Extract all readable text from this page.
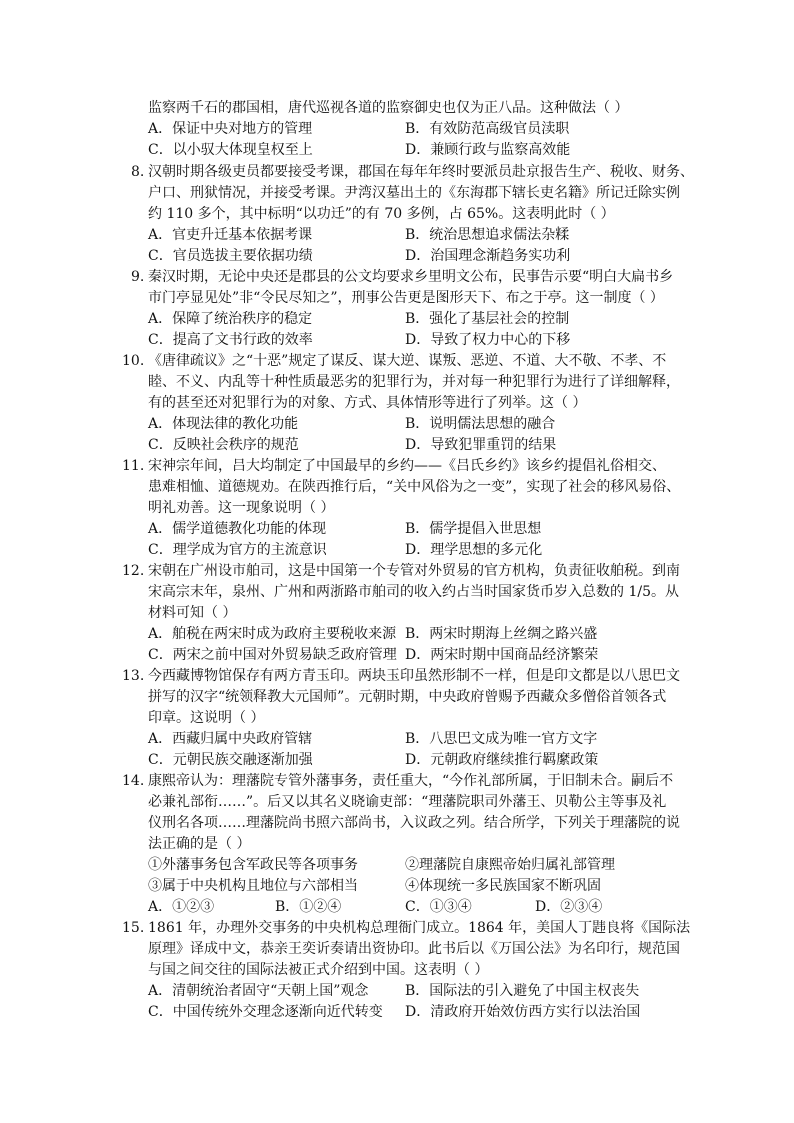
监察两千石的郡国相，唐代巡视各道的监察御史也仅为正八品。这种做法（ ）
A．保证中央对地方的管理	B．有效防范高级官员渎职
C．以小驭大体现皇权至上	D．兼顾行政与监察高效能
8. 汉朝时期各级吏员都要接受考课，郡国在每年年终时要派员赴京报告生产、税收、财务、
户口、刑狱情况，并接受考课。尹湾汉墓出土的《东海郡下辖长吏名籍》所记迁除实例
约 110 多个，其中标明“以功迁”的有 70 多例，占 65%。这表明此时（ ）
A．官吏升迁基本依据考课	B．统治思想追求儒法杂糅
C．官员选拔主要依据功绩	D．治国理念渐趋务实功利
9. 秦汉时期，无论中央还是郡县的公文均要求乡里明文公布，民事告示要“明白大扁书乡
市门亭显见处”非“令民尽知之”，刑事公告更是图形天下、布之于亭。这一制度（ ）
A．保障了统治秩序的稳定	B．强化了基层社会的控制
C．提高了文书行政的效率	D．导致了权力中心的下移
10. 《唐律疏议》之“十恶”规定了谋反、谋大逆、谋叛、恶逆、不道、大不敬、不孝、不
睦、不义、内乱等十种性质最恶劣的犯罪行为，并对每一种犯罪行为进行了详细解释，
有的甚至还对犯罪行为的对象、方式、具体情形等进行了列举。这（ ）
A．体现法律的教化功能	B．说明儒法思想的融合
C．反映社会秩序的规范	D．导致犯罪重罚的结果
11. 宋神宗年间，吕大均制定了中国最早的乡约——《吕氏乡约》该乡约提倡礼俗相交、
患难相恤、道德规劝。在陕西推行后，“关中风俗为之一变”，实现了社会的移风易俗、
明礼劝善。这一现象说明（ ）
A．儒学道德教化功能的体现	B．儒学提倡入世思想
C．理学成为官方的主流意识	D．理学思想的多元化
12. 宋朝在广州设市舶司，这是中国第一个专管对外贸易的官方机构，负责征收舶税。到南
宋高宗末年，泉州、广州和两浙路市舶司的收入约占当时国家货币岁入总数的 1/5。从
材料可知（ ）
A．舶税在两宋时成为政府主要税收来源 B．两宋时期海上丝绸之路兴盛
C．两宋之前中国对外贸易缺乏政府管理 D．两宋时期中国商品经济繁荣
13. 今西藏博物馆保存有两方青玉印。两块玉印虽然形制不一样，但是印文都是以八思巴文
拼写的汉字“统领释教大元国师”。元朝时期，中央政府曾赐予西藏众多僧俗首领各式
印章。这说明（ ）
A．西藏归属中央政府管辖	B．八思巴文成为唯一官方文字
C．元朝民族交融逐渐加强	D．元朝政府继续推行羁縻政策
14. 康熙帝认为：理藩院专管外藩事务，责任重大，“今作礼部所属，于旧制未合。嗣后不
必兼礼部衔……”。后又以其名义晓谕吏部：“理藩院职司外藩王、贝勒公主等事及礼
仪刑名各项……理藩院尚书照六部尚书，入议政之列。结合所学，下列关于理藩院的说
法正确的是（ ）
①外藩事务包含军政民等各项事务	②理藩院自康熙帝始归属礼部管理
③属于中央机构且地位与六部相当	④体现统一多民族国家不断巩固
A．①②③	B．①②④	C．①③④	D．②③④
15. 1861 年，办理外交事务的中央机构总理衙门成立。1864 年，美国人丁韪良将《国际法
原理》译成中文，恭亲王奕䜣奏请出资协印。此书后以《万国公法》为名印行，规范国
与国之间交往的国际法被正式介绍到中国。这表明（ ）
A．清朝统治者固守“天朝上国”观念	B．国际法的引入避免了中国主权丧失
C．中国传统外交理念逐渐向近代转变 D．清政府开始效仿西方实行以法治国
